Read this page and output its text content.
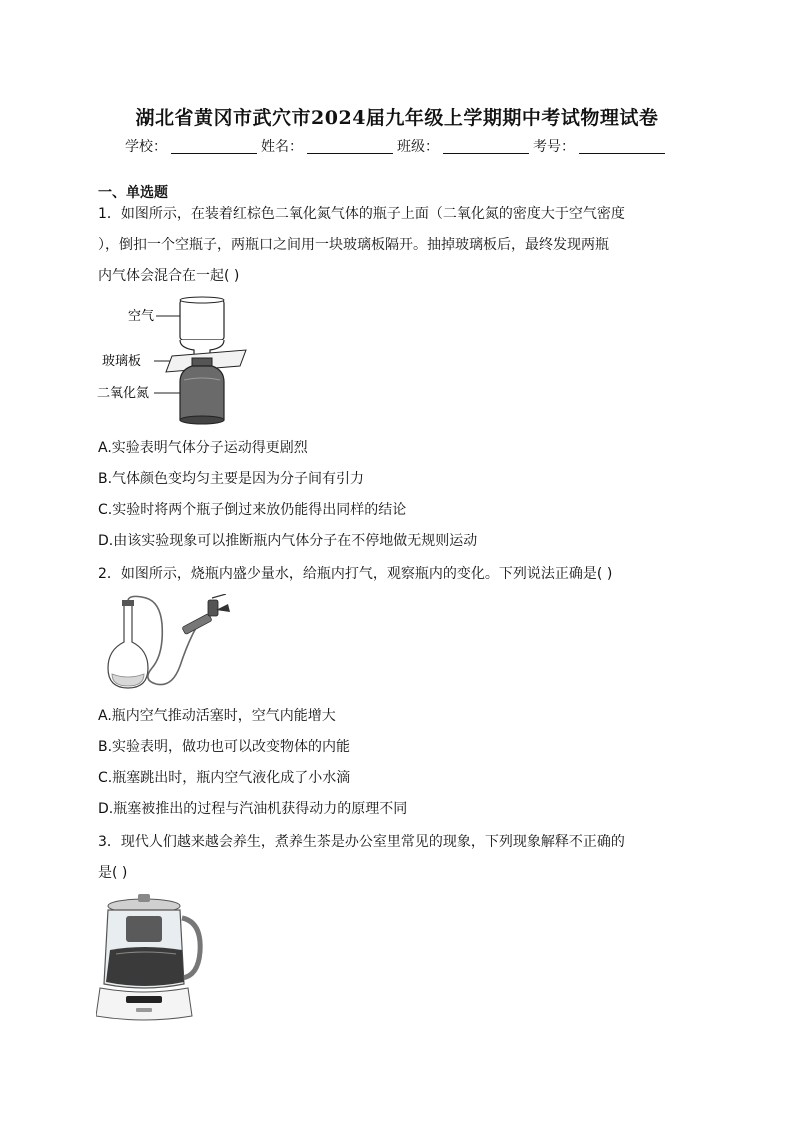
湖北省黄冈市武穴市2024届九年级上学期期中考试物理试卷
学校：	姓名：	班级：	考号：
一、单选题
1．如图所示，在装着红棕色二氧化氮气体的瓶子上面（二氧化氮的密度大于空气密度
），倒扣一个空瓶子，两瓶口之间用一块玻璃板隔开。抽掉玻璃板后，最终发现两瓶
内气体会混合在一起( )
空气
玻璃板
二氧化氮
A.实验表明气体分子运动得更剧烈
B.气体颜色变均匀主要是因为分子间有引力
C.实验时将两个瓶子倒过来放仍能得出同样的结论
D.由该实验现象可以推断瓶内气体分子在不停地做无规则运动
2．如图所示，烧瓶内盛少量水，给瓶内打气，观察瓶内的变化。下列说法正确是( )
A.瓶内空气推动活塞时，空气内能增大
B.实验表明，做功也可以改变物体的内能
C.瓶塞跳出时，瓶内空气液化成了小水滴
D.瓶塞被推出的过程与汽油机获得动力的原理不同
3．现代人们越来越会养生，煮养生茶是办公室里常见的现象，下列现象解释不正确的
是( )
